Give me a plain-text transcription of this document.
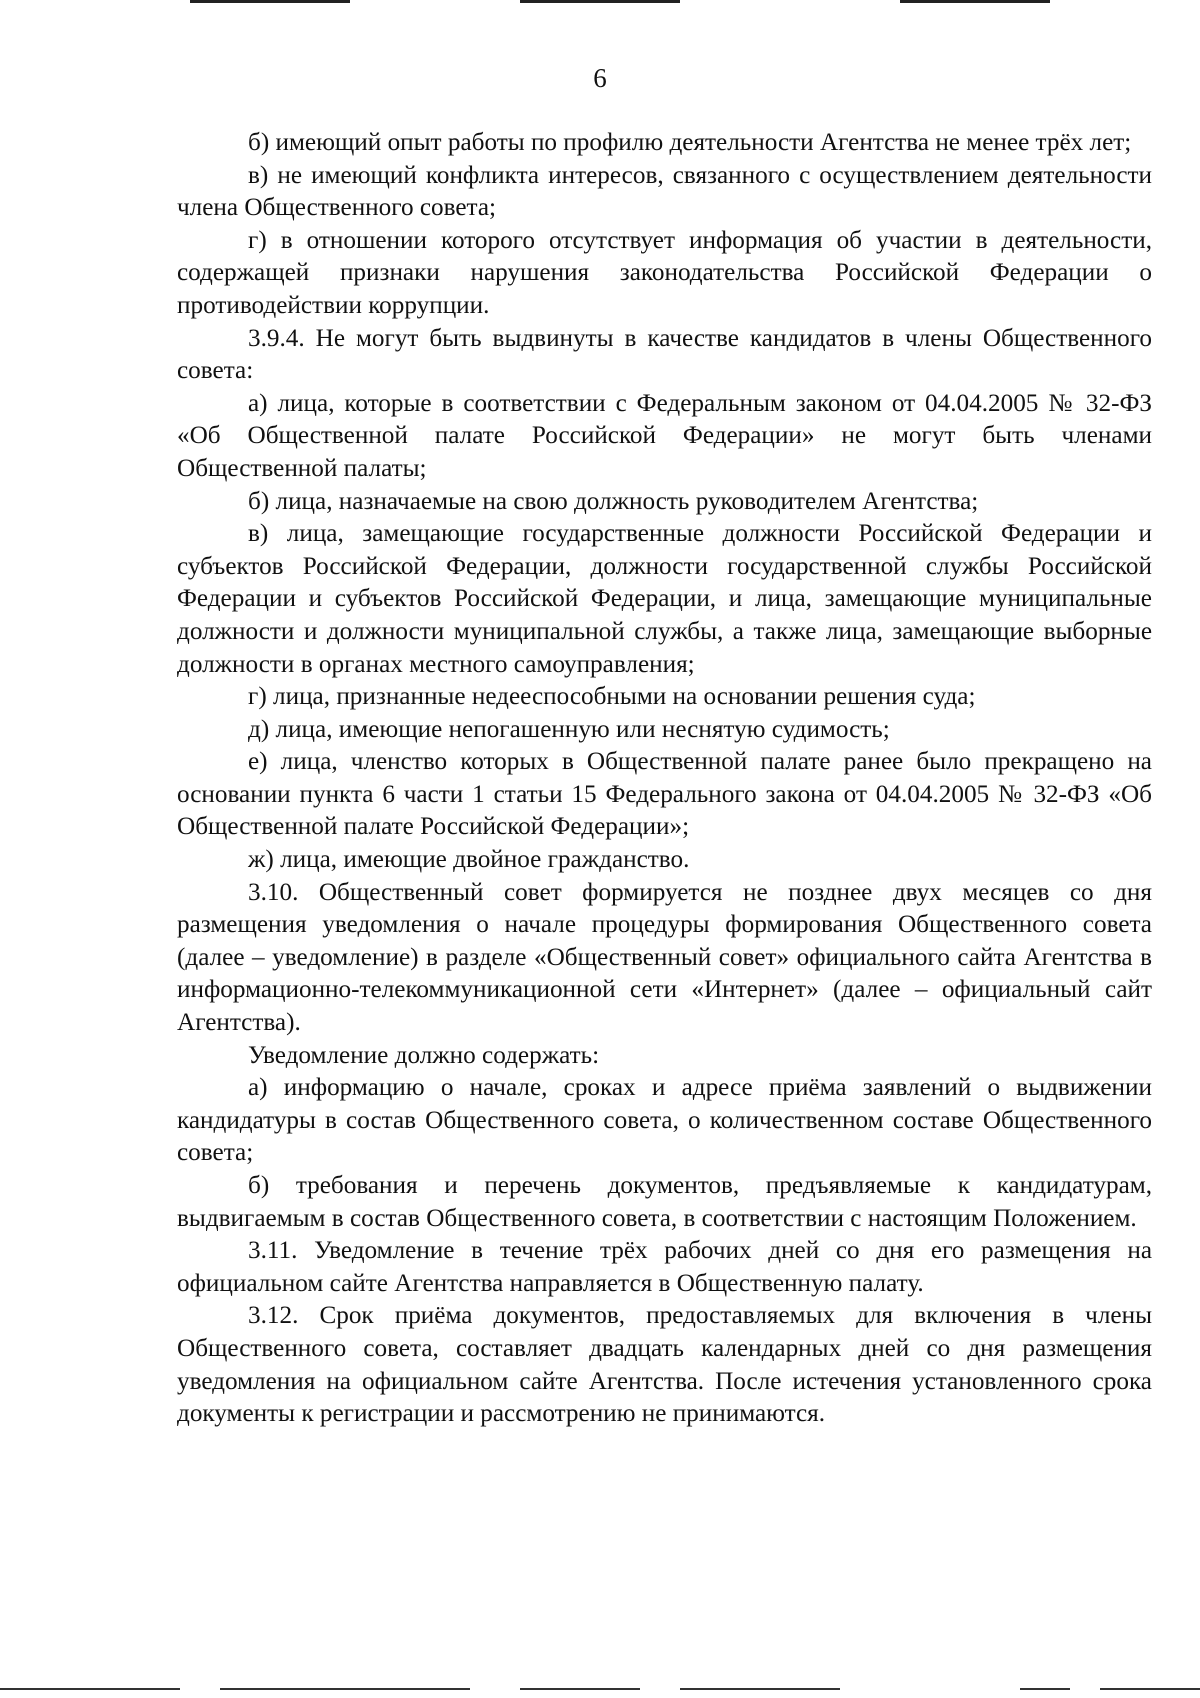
6

б) имеющий опыт работы по профилю деятельности Агентства не менее трёх лет;

в) не имеющий конфликта интересов, связанного с осуществлением деятельности члена Общественного совета;

г) в отношении которого отсутствует информация об участии в деятельности, содержащей признаки нарушения законодательства Российской Федерации о противодействии коррупции.

3.9.4. Не могут быть выдвинуты в качестве кандидатов в члены Общественного совета:

а) лица, которые в соответствии с Федеральным законом от 04.04.2005 № 32-ФЗ «Об Общественной палате Российской Федерации» не могут быть членами Общественной палаты;

б) лица, назначаемые на свою должность руководителем Агентства;

в) лица, замещающие государственные должности Российской Федерации и субъектов Российской Федерации, должности государственной службы Российской Федерации и субъектов Российской Федерации, и лица, замещающие муниципальные должности и должности муниципальной службы, а также лица, замещающие выборные должности в органах местного самоуправления;

г) лица, признанные недееспособными на основании решения суда;

д) лица, имеющие непогашенную или неснятую судимость;

е) лица, членство которых в Общественной палате ранее было прекращено на основании пункта 6 части 1 статьи 15 Федерального закона от 04.04.2005 № 32-ФЗ «Об Общественной палате Российской Федерации»;

ж) лица, имеющие двойное гражданство.

3.10. Общественный совет формируется не позднее двух месяцев со дня размещения уведомления о начале процедуры формирования Общественного совета (далее – уведомление) в разделе «Общественный совет» официального сайта Агентства в информационно-телекоммуникационной сети «Интернет» (далее – официальный сайт Агентства).

Уведомление должно содержать:

а) информацию о начале, сроках и адресе приёма заявлений о выдвижении кандидатуры в состав Общественного совета, о количественном составе Общественного совета;

б) требования и перечень документов, предъявляемые к кандидатурам, выдвигаемым в состав Общественного совета, в соответствии с настоящим Положением.

3.11. Уведомление в течение трёх рабочих дней со дня его размещения на официальном сайте Агентства направляется в Общественную палату.

3.12. Срок приёма документов, предоставляемых для включения в члены Общественного совета, составляет двадцать календарных дней со дня размещения уведомления на официальном сайте Агентства. После истечения установленного срока документы к регистрации и рассмотрению не принимаются.
